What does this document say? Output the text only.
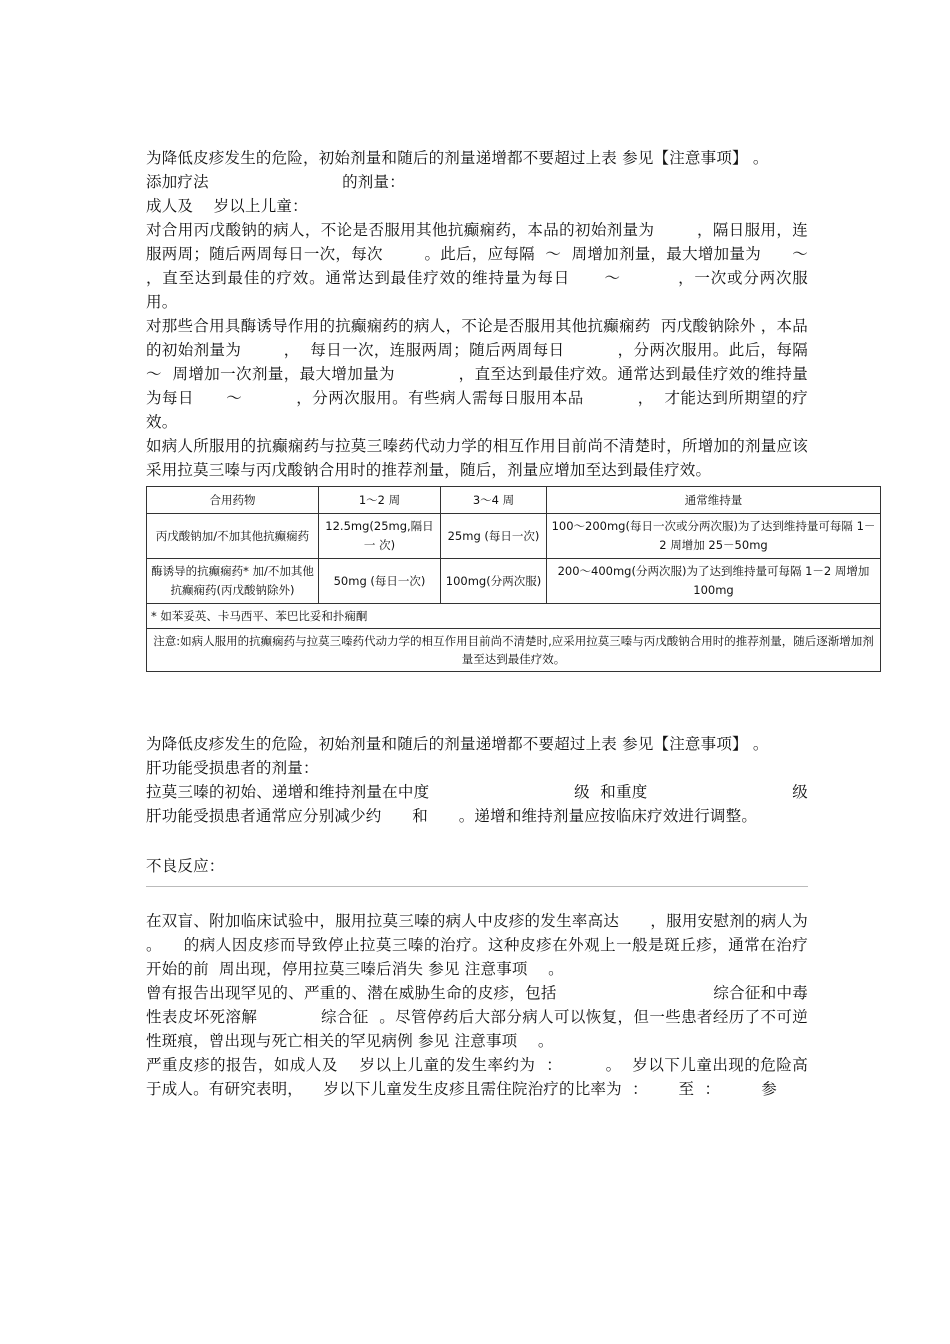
为降低皮疹发生的危险，初始剂量和随后的剂量递增都不要超过上表 参见【注意事项】 。

添加疗法                          的剂量：

成人及    岁以上儿童：

对合用丙戊酸钠的病人，不论是否服用其他抗癫痫药，本品的初始剂量为        ，隔日服用，连服两周；随后两周每日一次，每次        。此后，应每隔  ～  周增加剂量，最大增加量为      ～        ，直至达到最佳的疗效。通常达到最佳疗效的维持量为每日      ～          ，一次或分两次服用。

对那些合用具酶诱导作用的抗癫痫药的病人，不论是否服用其他抗癫痫药  丙戊酸钠除外 ，本品的初始剂量为        ，  每日一次，连服两周；随后两周每日          ，分两次服用。此后，每隔  ～  周增加一次剂量，最大增加量为            ，直至达到最佳疗效。通常达到最佳疗效的维持量为每日      ～          ，分两次服用。有些病人需每日服用本品          ，  才能达到所期望的疗效。

如病人所服用的抗癫痫药与拉莫三嗪药代动力学的相互作用目前尚不清楚时，所增加的剂量应该采用拉莫三嗪与丙戊酸钠合用时的推荐剂量，随后，剂量应增加至达到最佳疗效。

合用药物	1～2 周	3～4 周	通常维持量
丙戊酸钠加/不加其他抗癫痫药	12.5mg(25mg,隔日一 次)	25mg (每日一次)	100～200mg(每日一次或分两次服)为了达到维持量可每隔 1－2 周增加 25－50mg
酶诱导的抗癫痫药* 加/不加其他抗癫痫药(丙戊酸钠除外)	50mg (每日一次)	100mg(分两次服)	200～400mg(分两次服)为了达到维持量可每隔 1－2 周增加 100mg
* 如苯妥英、卡马西平、苯巴比妥和扑痫酮			
注意:如病人服用的抗癫痫药与拉莫三嗪药代动力学的相互作用目前尚不清楚时,应采用拉莫三嗪与丙戊酸钠合用时的推荐剂量，随后逐渐增加剂量至达到最佳疗效。			

为降低皮疹发生的危险，初始剂量和随后的剂量递增都不要超过上表 参见【注意事项】 。

肝功能受损患者的剂量：

拉莫三嗪的初始、递增和维持剂量在中度                            级  和重度                            级  肝功能受损患者通常应分别减少约      和      。递增和维持剂量应按临床疗效进行调整。

不良反应：

在双盲、附加临床试验中，服用拉莫三嗪的病人中皮疹的发生率高达      ，服用安慰剂的病人为      。    的病人因皮疹而导致停止拉莫三嗪的治疗。这种皮疹在外观上一般是斑丘疹，通常在治疗开始的前  周出现，停用拉莫三嗪后消失 参见 注意事项    。

曾有报告出现罕见的、严重的、潜在威胁生命的皮疹，包括                              综合征和中毒性表皮坏死溶解            综合征  。尽管停药后大部分病人可以恢复，但一些患者经历了不可逆性斑痕，曾出现与死亡相关的罕见病例 参见 注意事项    。

严重皮疹的报告，如成人及    岁以上儿童的发生率约为  ：        。  岁以下儿童出现的危险高于成人。有研究表明，    岁以下儿童发生皮疹且需住院治疗的比率为  ：      至  ：        参
